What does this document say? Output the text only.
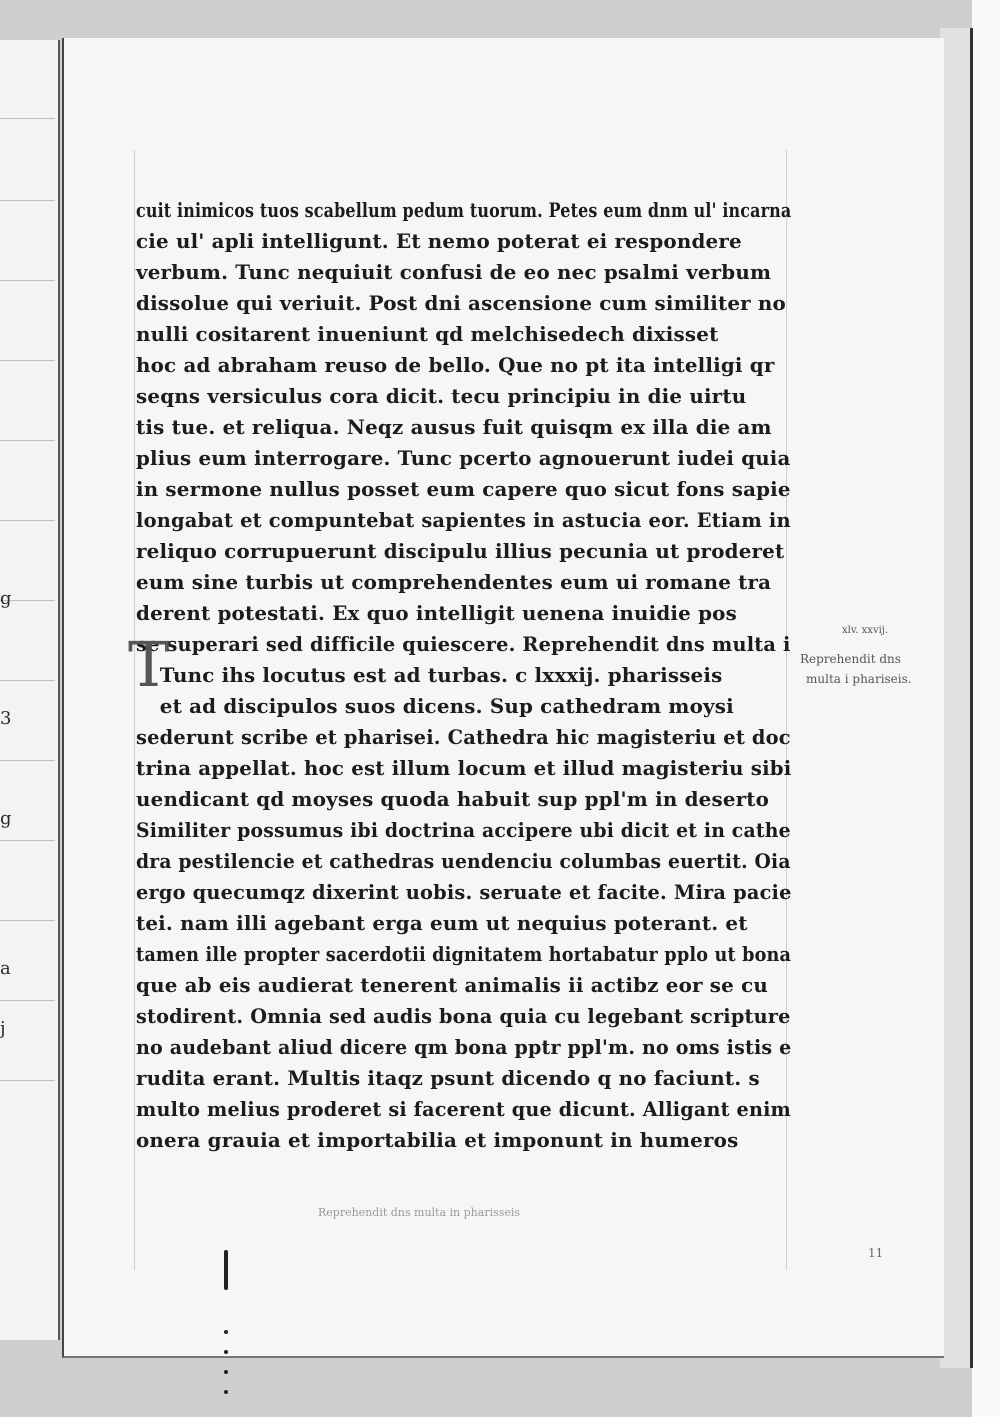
g
3
g
a
j
cuit inimicos tuos scabellum pedum tuorum. Petes eum dnm ul' incarna
cie ul' apli intelligunt. Et nemo poterat ei respondere
verbum. Tunc nequiuit confusi de eo nec psalmi verbum
dissolue qui veriuit. Post dni ascensione cum similiter no
nulli cositarent inueniunt qd melchisedech dixisset
hoc ad abraham reuso de bello. Que no pt ita intelligi qr
seqns versiculus cora dicit. tecu principiu in die uirtu
tis tue. et reliqua. Neqz ausus fuit quisqm ex illa die am
plius eum interrogare. Tunc pcerto agnouerunt iudei quia
in sermone nullus posset eum capere quo sicut fons sapie
longabat et compuntebat sapientes in astucia eor. Etiam in
reliquo corrupuerunt discipulu illius pecunia ut proderet
eum sine turbis ut comprehendentes eum ui romane tra
derent potestati. Ex quo intelligit uenena inuidie pos
se superari sed difficile quiescere. Reprehendit dns multa i
Tunc ihs locutus est ad turbas. c lxxxij. pharisseis
et ad discipulos suos dicens. Sup cathedram moysi
sederunt scribe et pharisei. Cathedra hic magisteriu et doc
trina appellat. hoc est illum locum et illud magisteriu sibi
uendicant qd moyses quoda habuit sup ppl'm in deserto
Similiter possumus ibi doctrina accipere ubi dicit et in cathe
dra pestilencie et cathedras uendenciu columbas euertit. Oia
ergo quecumqz dixerint uobis. seruate et facite. Mira pacie
tei. nam illi agebant erga eum ut nequius poterant. et
tamen ille propter sacerdotii dignitatem hortabatur pplo ut bona
que ab eis audierat tenerent animalis ii actibz eor se cu
stodirent. Omnia sed audis bona quia cu legebant scripture
no audebant aliud dicere qm bona pptr ppl'm. no oms istis e
rudita erant. Multis itaqz psunt dicendo q no faciunt. s
multo melius proderet si facerent que dicunt. Alligant enim
onera grauia et importabilia et imponunt in humeros
T	xlv. xxvij.
Reprehendit dns
multa i phariseis.
Reprehendit dns multa in pharisseis
11
